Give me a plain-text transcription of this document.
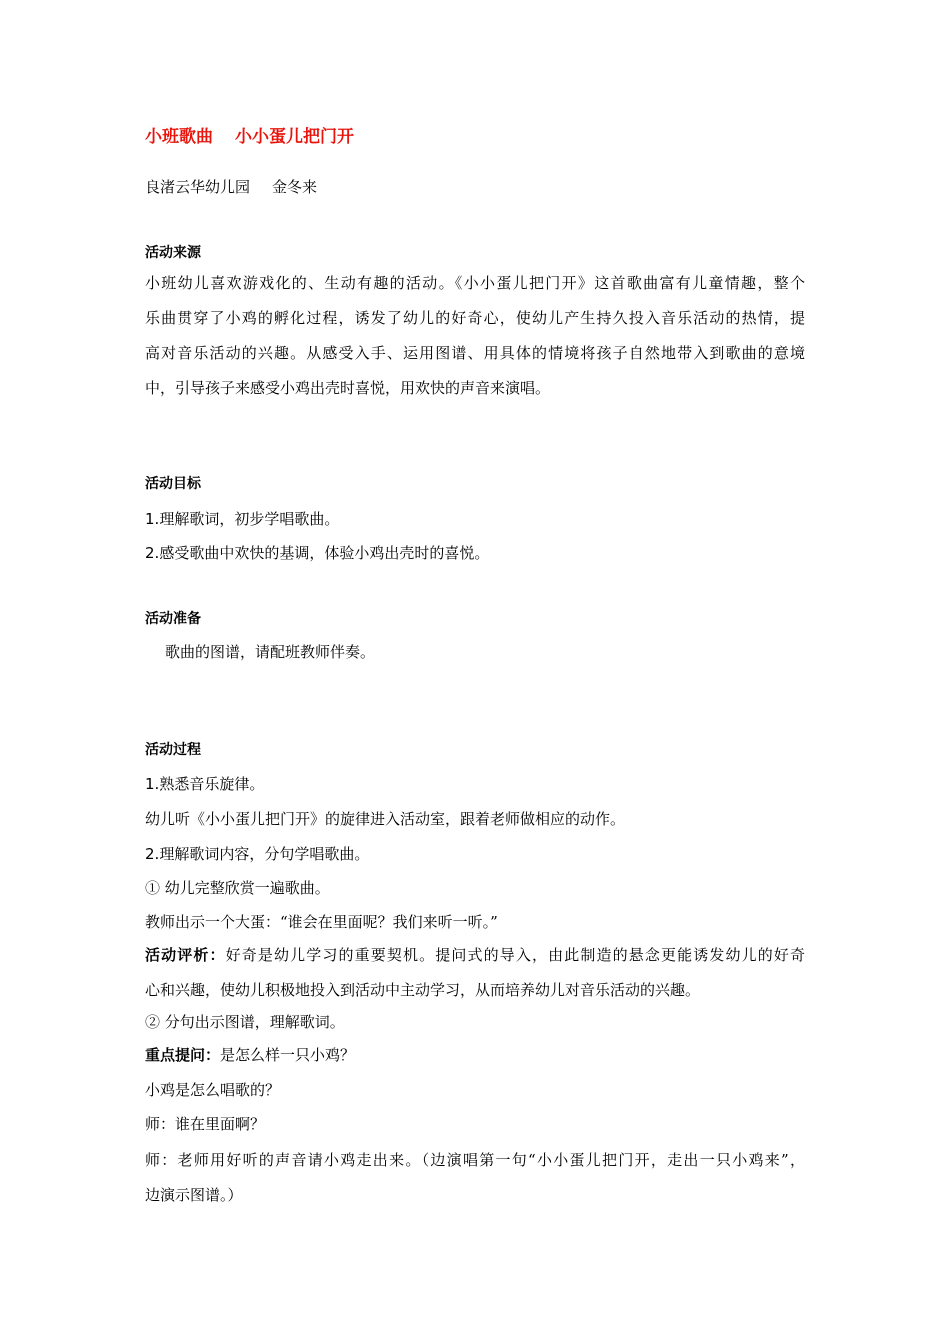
小班歌曲 小小蛋儿把门开
良渚云华幼儿园 金冬来
活动来源
小班幼儿喜欢游戏化的、生动有趣的活动。《小小蛋儿把门开》这首歌曲富有儿童情趣，整个
乐曲贯穿了小鸡的孵化过程，诱发了幼儿的好奇心，使幼儿产生持久投入音乐活动的热情，提
高对音乐活动的兴趣。从感受入手、运用图谱、用具体的情境将孩子自然地带入到歌曲的意境
中，引导孩子来感受小鸡出壳时喜悦，用欢快的声音来演唱。
活动目标
1.理解歌词，初步学唱歌曲。
2.感受歌曲中欢快的基调，体验小鸡出壳时的喜悦。
活动准备
歌曲的图谱，请配班教师伴奏。
活动过程
1.熟悉音乐旋律。
幼儿听《小小蛋儿把门开》的旋律进入活动室，跟着老师做相应的动作。
2.理解歌词内容，分句学唱歌曲。
① 幼儿完整欣赏一遍歌曲。
教师出示一个大蛋：“谁会在里面呢？我们来听一听。”
活动评析：好奇是幼儿学习的重要契机。提问式的导入，由此制造的悬念更能诱发幼儿的好奇
心和兴趣，使幼儿积极地投入到活动中主动学习，从而培养幼儿对音乐活动的兴趣。
② 分句出示图谱，理解歌词。
重点提问：是怎么样一只小鸡？
小鸡是怎么唱歌的？
师：谁在里面啊？
师：老师用好听的声音请小鸡走出来。（边演唱第一句“小小蛋儿把门开，走出一只小鸡来”，
边演示图谱。）
